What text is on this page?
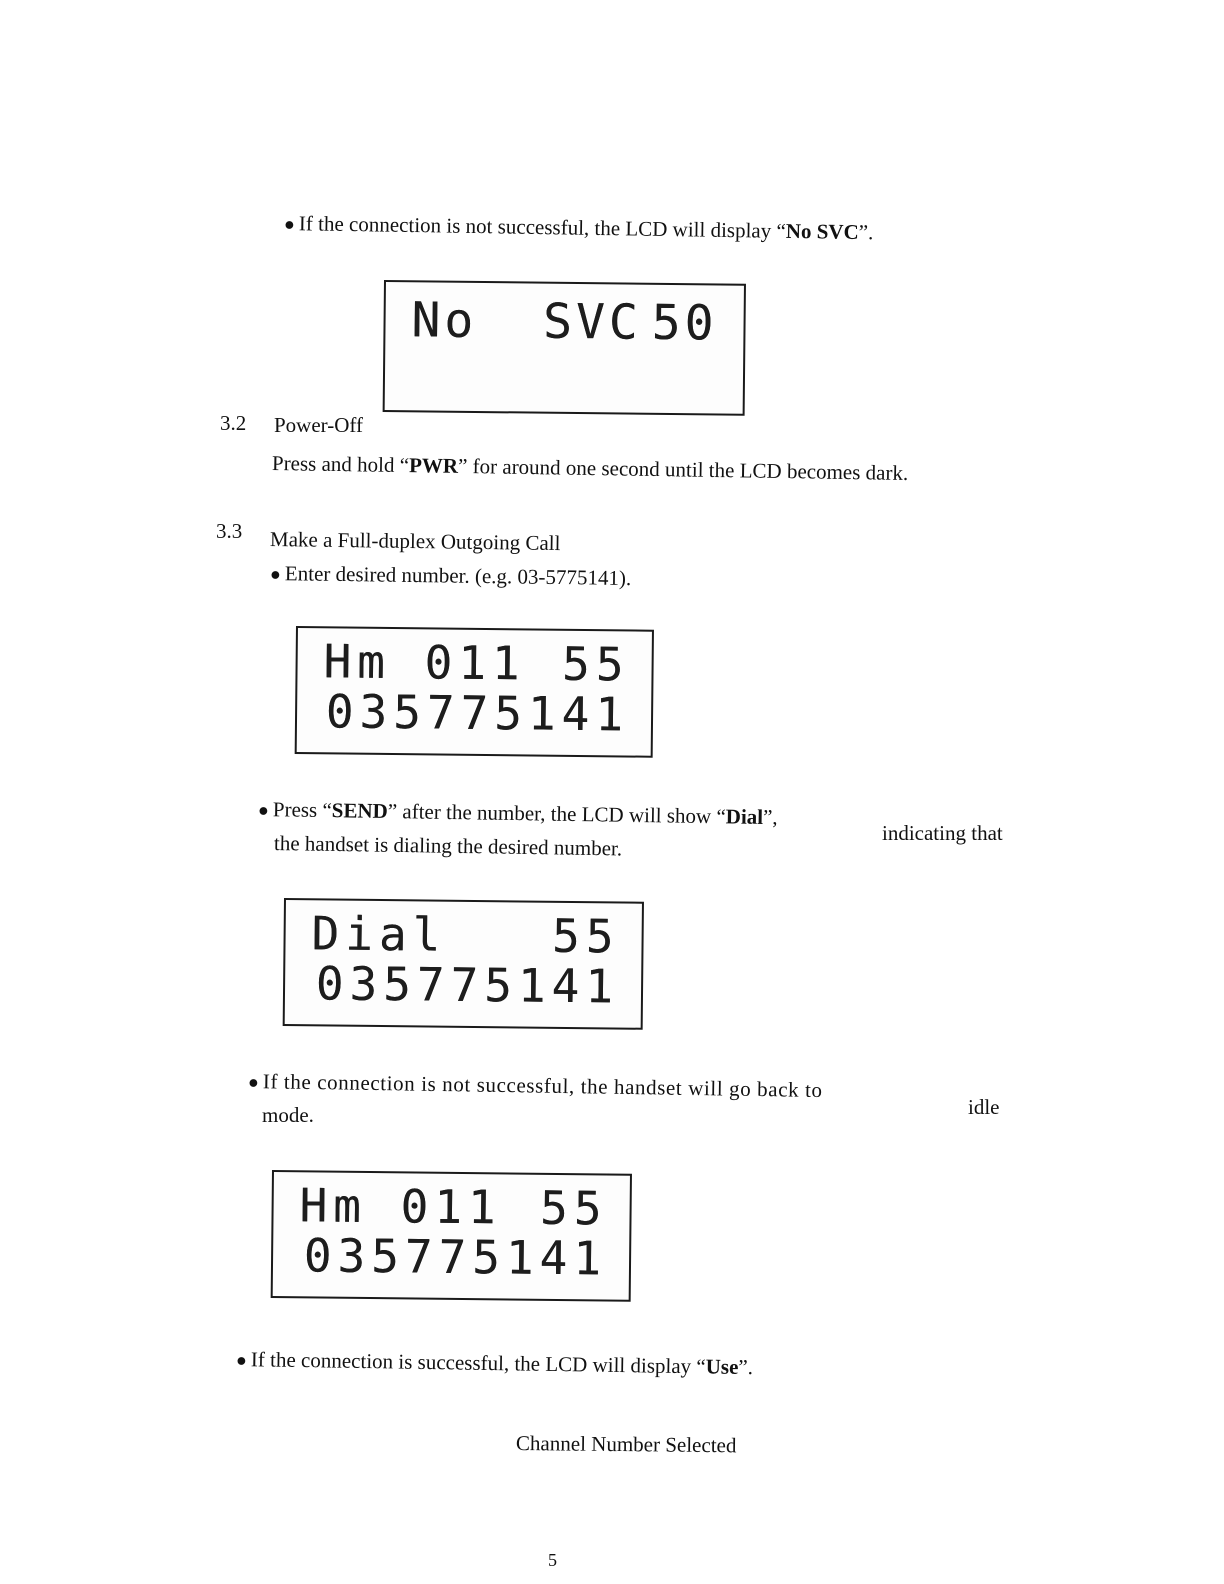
● If the connection is not successful, the LCD will display “No SVC”.
No  SVC 50
3.2 Power-Off
Press and hold “PWR” for around one second until the LCD becomes dark.
3.3 Make a Full-duplex Outgoing Call
● Enter desired number. (e.g. 03-5775141).
Hm 011 55
035775141
● Press “SEND” after the number, the LCD will show “Dial”,
indicating that
the handset is dialing the desired number.
Dial 55
035775141
● If the connection is not successful, the handset will go back to
idle
mode.
Hm 011 55
035775141
● If the connection is successful, the LCD will display “Use”.
Channel Number Selected
5
